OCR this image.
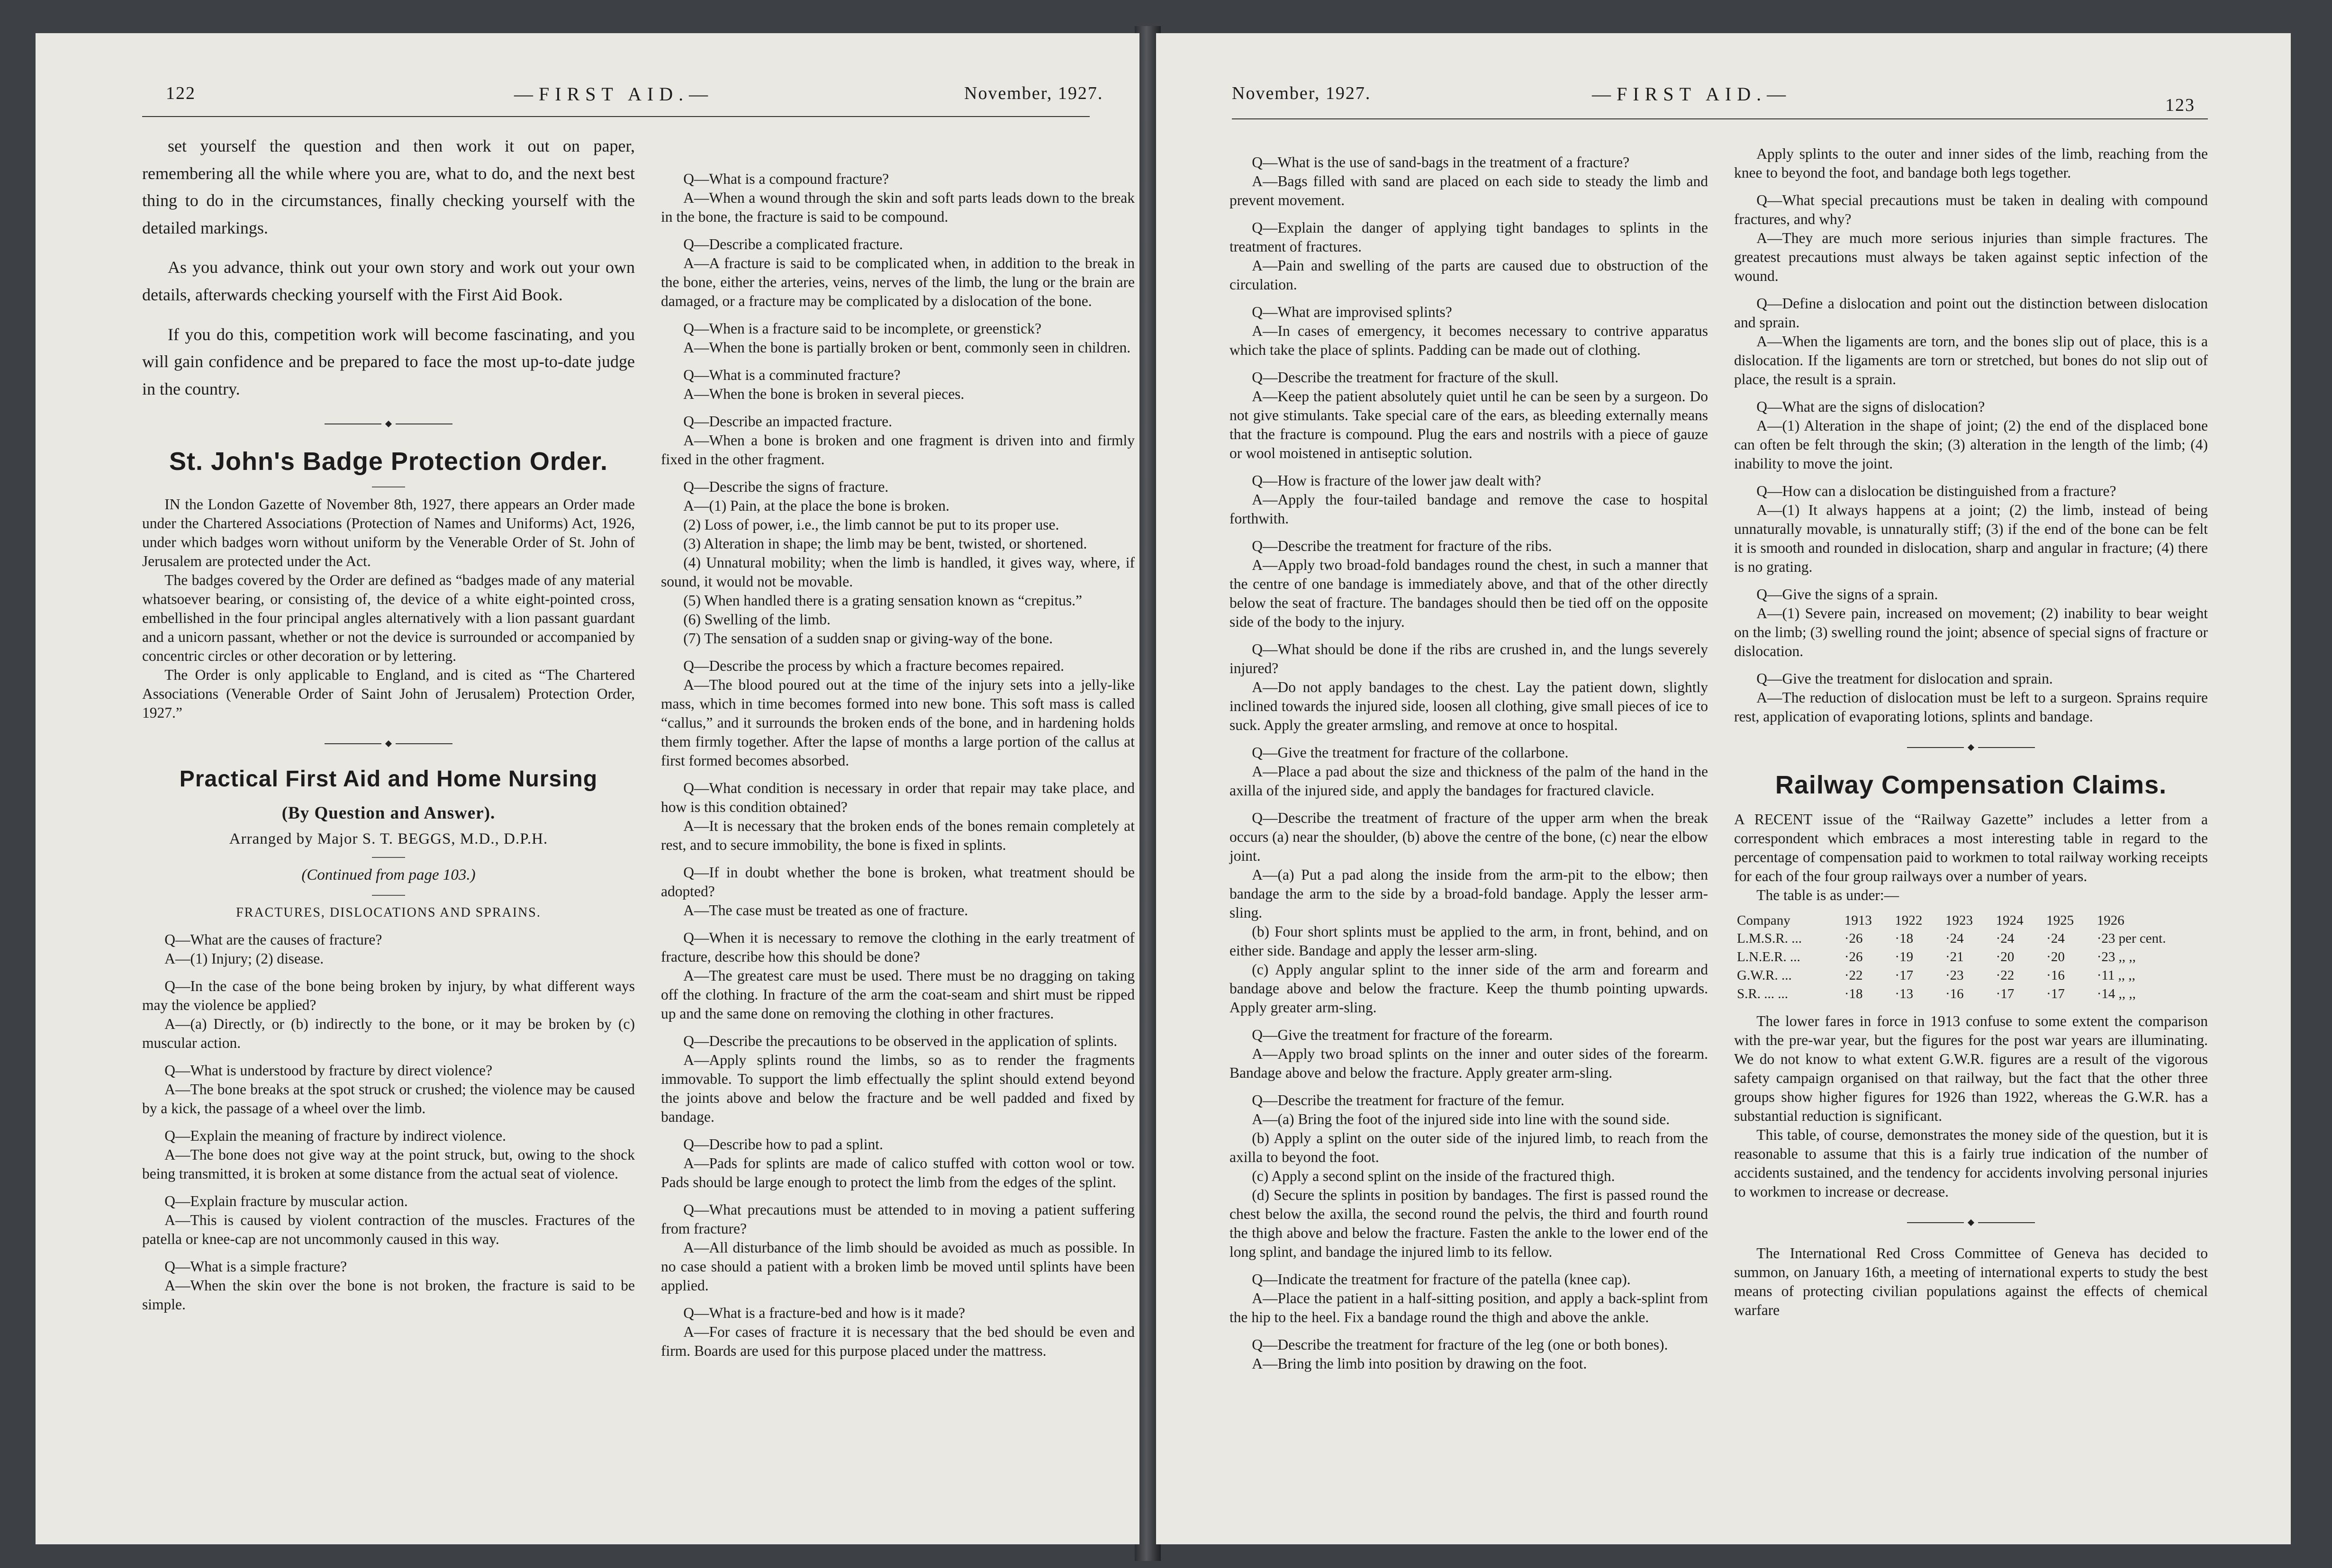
122	—FIRST AID.—	November, 1927.

set yourself the question and then work it out on paper, remembering all the while where you are, what to do, and the next best thing to do in the circumstances, finally checking yourself with the detailed markings.

As you advance, think out your own story and work out your own details, afterwards checking yourself with the First Aid Book.

If you do this, competition work will become fascinating, and you will gain confidence and be prepared to face the most up-to-date judge in the country.

St. John's Badge Protection Order.

IN the London Gazette of November 8th, 1927, there appears an Order made under the Chartered Associations (Protection of Names and Uniforms) Act, 1926, under which badges worn without uniform by the Venerable Order of St. John of Jerusalem are protected under the Act.

The badges covered by the Order are defined as “badges made of any material whatsoever bearing, or consisting of, the device of a white eight-pointed cross, embellished in the four principal angles alternatively with a lion passant guardant and a unicorn passant, whether or not the device is surrounded or accompanied by concentric circles or other decoration or by lettering.

The Order is only applicable to England, and is cited as “The Chartered Associations (Venerable Order of Saint John of Jerusalem) Protection Order, 1927.”

Practical First Aid and Home Nursing
(By Question and Answer).
Arranged by Major S. T. BEGGS, M.D., D.P.H.
(Continued from page 103.)
FRACTURES, DISLOCATIONS AND SPRAINS.

Q—What are the causes of fracture?

A—(1) Injury; (2) disease.

Q—In the case of the bone being broken by injury, by what different ways may the violence be applied?

A—(a) Directly, or (b) indirectly to the bone, or it may be broken by (c) muscular action.

Q—What is understood by fracture by direct violence?

A—The bone breaks at the spot struck or crushed; the violence may be caused by a kick, the passage of a wheel over the limb.

Q—Explain the meaning of fracture by indirect violence.

A—The bone does not give way at the point struck, but, owing to the shock being transmitted, it is broken at some distance from the actual seat of violence.

Q—Explain fracture by muscular action.

A—This is caused by violent contraction of the muscles. Fractures of the patella or knee-cap are not uncommonly caused in this way.

Q—What is a simple fracture?

A—When the skin over the bone is not broken, the fracture is said to be simple.

Q—What is a compound fracture?

A—When a wound through the skin and soft parts leads down to the break in the bone, the fracture is said to be compound.

Q—Describe a complicated fracture.

A—A fracture is said to be complicated when, in addition to the break in the bone, either the arteries, veins, nerves of the limb, the lung or the brain are damaged, or a fracture may be complicated by a dislocation of the bone.

Q—When is a fracture said to be incomplete, or greenstick?

A—When the bone is partially broken or bent, commonly seen in children.

Q—What is a comminuted fracture?

A—When the bone is broken in several pieces.

Q—Describe an impacted fracture.

A—When a bone is broken and one fragment is driven into and firmly fixed in the other fragment.

Q—Describe the signs of fracture.

A—(1) Pain, at the place the bone is broken.

(2) Loss of power, i.e., the limb cannot be put to its proper use.

(3) Alteration in shape; the limb may be bent, twisted, or shortened.

(4) Unnatural mobility; when the limb is handled, it gives way, where, if sound, it would not be movable.

(5) When handled there is a grating sensation known as “crepitus.”

(6) Swelling of the limb.

(7) The sensation of a sudden snap or giving-way of the bone.

Q—Describe the process by which a fracture becomes repaired.

A—The blood poured out at the time of the injury sets into a jelly-like mass, which in time becomes formed into new bone. This soft mass is called “callus,” and it surrounds the broken ends of the bone, and in hardening holds them firmly together. After the lapse of months a large portion of the callus at first formed becomes absorbed.

Q—What condition is necessary in order that repair may take place, and how is this condition obtained?

A—It is necessary that the broken ends of the bones remain completely at rest, and to secure immobility, the bone is fixed in splints.

Q—If in doubt whether the bone is broken, what treatment should be adopted?

A—The case must be treated as one of fracture.

Q—When it is necessary to remove the clothing in the early treatment of fracture, describe how this should be done?

A—The greatest care must be used. There must be no dragging on taking off the clothing. In fracture of the arm the coat-seam and shirt must be ripped up and the same done on removing the clothing in other fractures.

Q—Describe the precautions to be observed in the application of splints.

A—Apply splints round the limbs, so as to render the fragments immovable. To support the limb effectually the splint should extend beyond the joints above and below the fracture and be well padded and fixed by bandage.

Q—Describe how to pad a splint.

A—Pads for splints are made of calico stuffed with cotton wool or tow. Pads should be large enough to protect the limb from the edges of the splint.

Q—What precautions must be attended to in moving a patient suffering from fracture?

A—All disturbance of the limb should be avoided as much as possible. In no case should a patient with a broken limb be moved until splints have been applied.

Q—What is a fracture-bed and how is it made?

A—For cases of fracture it is necessary that the bed should be even and firm. Boards are used for this purpose placed under the mattress.

November, 1927.	—FIRST AID.—
123

Q—What is the use of sand-bags in the treatment of a fracture?

A—Bags filled with sand are placed on each side to steady the limb and prevent movement.

Q—Explain the danger of applying tight bandages to splints in the treatment of fractures.

A—Pain and swelling of the parts are caused due to obstruction of the circulation.

Q—What are improvised splints?

A—In cases of emergency, it becomes necessary to contrive apparatus which take the place of splints. Padding can be made out of clothing.

Q—Describe the treatment for fracture of the skull.

A—Keep the patient absolutely quiet until he can be seen by a surgeon. Do not give stimulants. Take special care of the ears, as bleeding externally means that the fracture is compound. Plug the ears and nostrils with a piece of gauze or wool moistened in antiseptic solution.

Q—How is fracture of the lower jaw dealt with?

A—Apply the four-tailed bandage and remove the case to hospital forthwith.

Q—Describe the treatment for fracture of the ribs.

A—Apply two broad-fold bandages round the chest, in such a manner that the centre of one bandage is immediately above, and that of the other directly below the seat of fracture. The bandages should then be tied off on the opposite side of the body to the injury.

Q—What should be done if the ribs are crushed in, and the lungs severely injured?

A—Do not apply bandages to the chest. Lay the patient down, slightly inclined towards the injured side, loosen all clothing, give small pieces of ice to suck. Apply the greater armsling, and remove at once to hospital.

Q—Give the treatment for fracture of the collarbone.

A—Place a pad about the size and thickness of the palm of the hand in the axilla of the injured side, and apply the bandages for fractured clavicle.

Q—Describe the treatment of fracture of the upper arm when the break occurs (a) near the shoulder, (b) above the centre of the bone, (c) near the elbow joint.

A—(a) Put a pad along the inside from the arm-pit to the elbow; then bandage the arm to the side by a broad-fold bandage. Apply the lesser arm-sling.

(b) Four short splints must be applied to the arm, in front, behind, and on either side. Bandage and apply the lesser arm-sling.

(c) Apply angular splint to the inner side of the arm and forearm and bandage above and below the fracture. Keep the thumb pointing upwards. Apply greater arm-sling.

Q—Give the treatment for fracture of the forearm.

A—Apply two broad splints on the inner and outer sides of the forearm. Bandage above and below the fracture. Apply greater arm-sling.

Q—Describe the treatment for fracture of the femur.

A—(a) Bring the foot of the injured side into line with the sound side.

(b) Apply a splint on the outer side of the injured limb, to reach from the axilla to beyond the foot.

(c) Apply a second splint on the inside of the fractured thigh.

(d) Secure the splints in position by bandages. The first is passed round the chest below the axilla, the second round the pelvis, the third and fourth round the thigh above and below the fracture. Fasten the ankle to the lower end of the long splint, and bandage the injured limb to its fellow.

Q—Indicate the treatment for fracture of the patella (knee cap).

A—Place the patient in a half-sitting position, and apply a back-splint from the hip to the heel. Fix a bandage round the thigh and above the ankle.

Q—Describe the treatment for fracture of the leg (one or both bones).

A—Bring the limb into position by drawing on the foot.

Apply splints to the outer and inner sides of the limb, reaching from the knee to beyond the foot, and bandage both legs together.

Q—What special precautions must be taken in dealing with compound fractures, and why?

A—They are much more serious injuries than simple fractures. The greatest precautions must always be taken against septic infection of the wound.

Q—Define a dislocation and point out the distinction between dislocation and sprain.

A—When the ligaments are torn, and the bones slip out of place, this is a dislocation. If the ligaments are torn or stretched, but bones do not slip out of place, the result is a sprain.

Q—What are the signs of dislocation?

A—(1) Alteration in the shape of joint; (2) the end of the displaced bone can often be felt through the skin; (3) alteration in the length of the limb; (4) inability to move the joint.

Q—How can a dislocation be distinguished from a fracture?

A—(1) It always happens at a joint; (2) the limb, instead of being unnaturally movable, is unnaturally stiff; (3) if the end of the bone can be felt it is smooth and rounded in dislocation, sharp and angular in fracture; (4) there is no grating.

Q—Give the signs of a sprain.

A—(1) Severe pain, increased on movement; (2) inability to bear weight on the limb; (3) swelling round the joint; absence of special signs of fracture or dislocation.

Q—Give the treatment for dislocation and sprain.

A—The reduction of dislocation must be left to a surgeon. Sprains require rest, application of evaporating lotions, splints and bandage.

Railway Compensation Claims.

A RECENT issue of the “Railway Gazette” includes a letter from a correspondent which embraces a most interesting table in regard to the percentage of compensation paid to workmen to total railway working receipts for each of the four group railways over a number of years.

The table is as under:—

Company	1913	1922	1923	1924	1925	1926
L.M.S.R. ...	·26	·18	·24	·24	·24	·23 per cent.
L.N.E.R. ...	·26	·19	·21	·20	·20	·23 ,, ,,
G.W.R. ...	·22	·17	·23	·22	·16	·11 ,, ,,
S.R. ... ...	·18	·13	·16	·17	·17	·14 ,, ,,

The lower fares in force in 1913 confuse to some extent the comparison with the pre-war year, but the figures for the post war years are illuminating. We do not know to what extent G.W.R. figures are a result of the vigorous safety campaign organised on that railway, but the fact that the other three groups show higher figures for 1926 than 1922, whereas the G.W.R. has a substantial reduction is significant.

This table, of course, demonstrates the money side of the question, but it is reasonable to assume that this is a fairly true indication of the number of accidents sustained, and the tendency for accidents involving personal injuries to workmen to increase or decrease.

The International Red Cross Committee of Geneva has decided to summon, on January 16th, a meeting of international experts to study the best means of protecting civilian populations against the effects of chemical warfare
